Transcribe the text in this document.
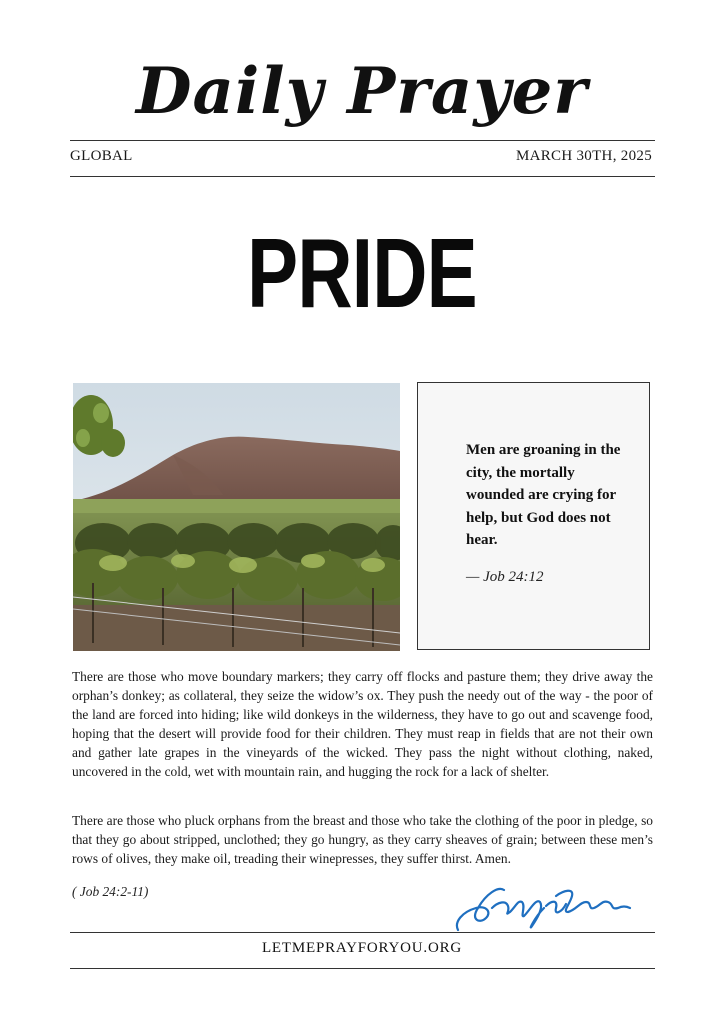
Daily Prayer
GLOBAL	MARCH 30TH, 2025
PRIDE
Men are groaning in the city, the mortally wounded are crying for help, but God does not hear.
— Job 24:12

There are those who move boundary markers; they carry off flocks and pasture them; they drive away the orphan’s donkey; as collateral, they seize the widow’s ox. They push the needy out of the way - the poor of the land are forced into hiding; like wild donkeys in the wilderness, they have to go out and scavenge food, hoping that the desert will provide food for their children. They must reap in fields that are not their own and gather late grapes in the vineyards of the wicked. They pass the night without clothing, naked, uncovered in the cold, wet with mountain rain, and hugging the rock for a lack of shelter.

There are those who pluck orphans from the breast and those who take the clothing of the poor in pledge, so that they go about stripped, unclothed; they go hungry, as they carry sheaves of grain; between these men’s rows of olives, they make oil, treading their winepresses, they suffer thirst. Amen.

( Job 24:2-11)
LETMEPRAYFORYOU.ORG
